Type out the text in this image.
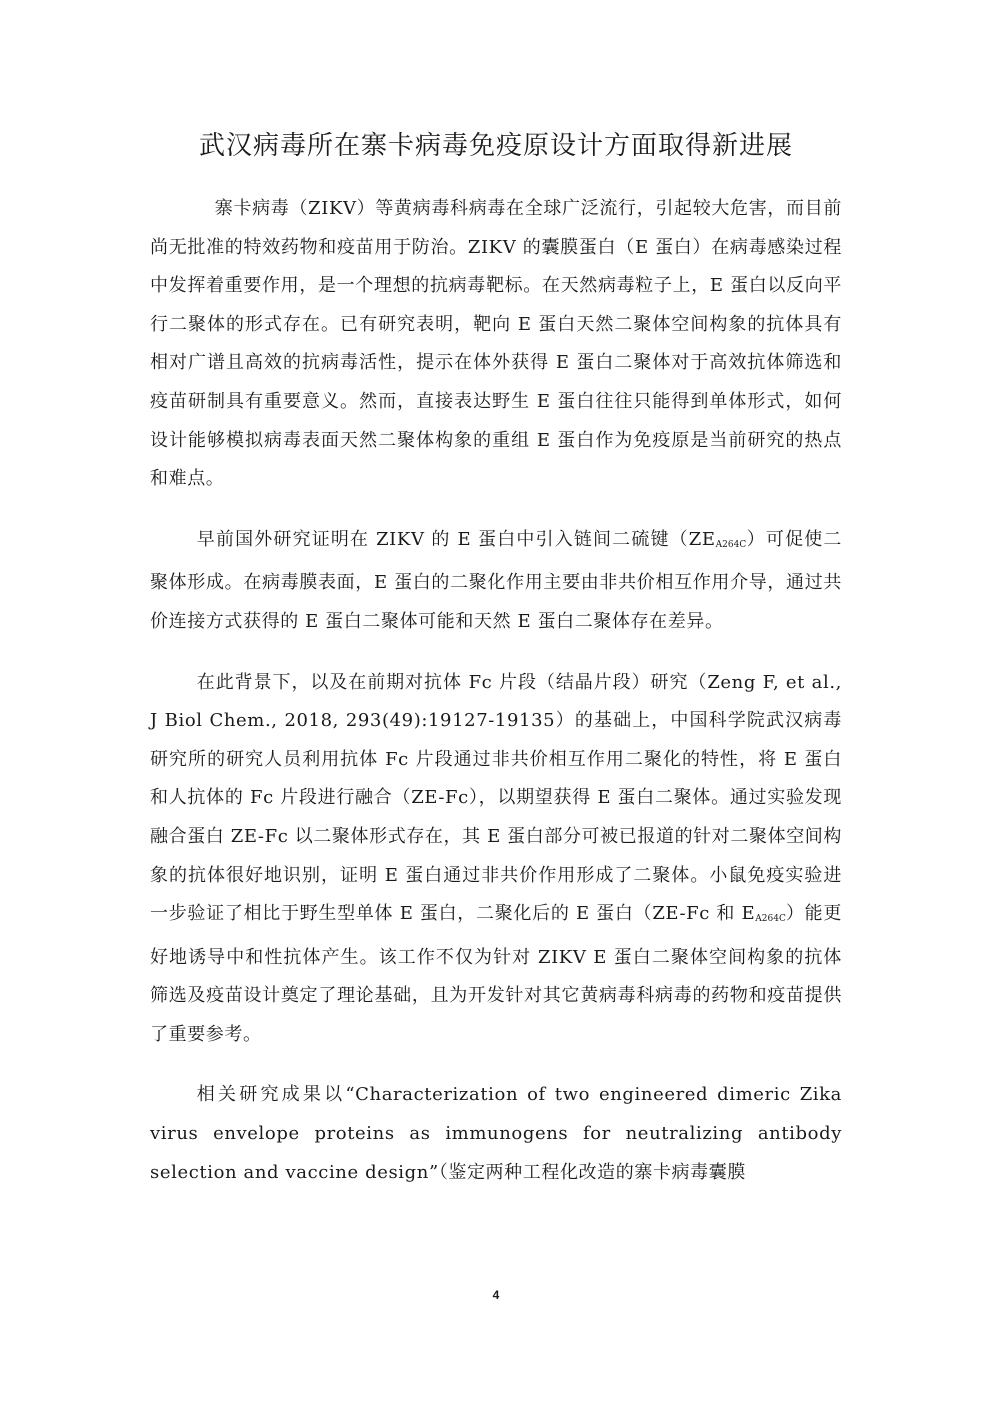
武汉病毒所在寨卡病毒免疫原设计方面取得新进展

寨卡病毒（ZIKV）等黄病毒科病毒在全球广泛流行，引起较大危害，而目前尚无批准的特效药物和疫苗用于防治。ZIKV 的囊膜蛋白（E 蛋白）在病毒感染过程中发挥着重要作用，是一个理想的抗病毒靶标。在天然病毒粒子上，E 蛋白以反向平行二聚体的形式存在。已有研究表明，靶向 E 蛋白天然二聚体空间构象的抗体具有相对广谱且高效的抗病毒活性，提示在体外获得 E 蛋白二聚体对于高效抗体筛选和疫苗研制具有重要意义。然而，直接表达野生 E 蛋白往往只能得到单体形式，如何设计能够模拟病毒表面天然二聚体构象的重组 E 蛋白作为免疫原是当前研究的热点和难点。

早前国外研究证明在 ZIKV 的 E 蛋白中引入链间二硫键$(ZE_{A264C})$可促使二聚体形成。在病毒膜表面，E 蛋白的二聚化作用主要由非共价相互作用介导，通过共价连接方式获得的 E 蛋白二聚体可能和天然 E 蛋白二聚体存在差异。

在此背景下，以及在前期对抗体 Fc 片段（结晶片段）研究（Zeng F, et al., J Biol Chem., 2018, 293(49):19127-19135）的基础上，中国科学院武汉病毒研究所的研究人员利用抗体 Fc 片段通过非共价相互作用二聚化的特性，将 E 蛋白和人抗体的 Fc 片段进行融合（ZE-Fc），以期望获得 E 蛋白二聚体。通过实验发现融合蛋白 ZE-Fc 以二聚体形式存在，其 E 蛋白部分可被已报道的针对二聚体空间构象的抗体很好地识别，证明 E 蛋白通过非共价作用形成了二聚体。小鼠免疫实验进一步验证了相比于野生型单体 E 蛋白，二聚化后的 E 蛋白（ZE-Fc 和 $E_{A264C}$）能更好地诱导中和性抗体产生。该工作不仅为针对 ZIKV E 蛋白二聚体空间构象的抗体筛选及疫苗设计奠定了理论基础，且为开发针对其它黄病毒科病毒的药物和疫苗提供了重要参考。

相关研究成果以“Characterization of two engineered dimeric Zika virus envelope proteins as immunogens for neutralizing antibody selection and vaccine design”（鉴定两种工程化改造的寨卡病毒囊膜

4
